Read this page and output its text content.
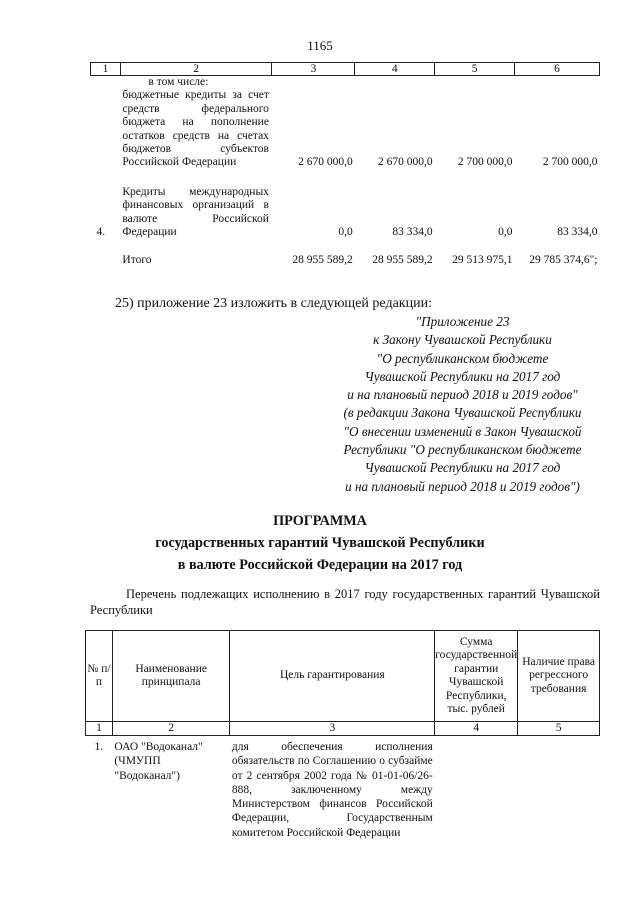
1165
1	2	3	4	5	6
	в том числе:				
	бюджетные кредиты за счет средств федерального бюджета на пополнение остатков средств на счетах бюджетов субъектов Российской Федерации	2 670 000,0	2 670 000,0	2 700 000,0	2 700 000,0

4.	Кредиты международных финансовых организаций в валюте Российской Федерации	0,0	83 334,0	0,0	83 334,0

	Итого	28 955 589,2	28 955 589,2	29 513 975,1	29 785 374,6";
25) приложение 23 изложить в следующей редакции:
"Приложение 23
к Закону Чувашской Республики
"О республиканском бюджете
Чувашской Республики на 2017 год
и на плановый период 2018 и 2019 годов"
(в редакции Закона Чувашской Республики
"О внесении изменений в Закон Чувашской
Республики "О республиканском бюджете
Чувашской Республики на 2017 год
и на плановый период 2018 и 2019 годов")
ПРОГРАММА
государственных гарантий Чувашской Республики
в валюте Российской Федерации на 2017 год
Перечень подлежащих исполнению в 2017 году государственных гарантий Чувашской Республики
№ п/п	Наименование принципала	Цель гарантирования	Сумма государственной гарантии Чувашской Республики, тыс. рублей	Наличие права регрессного требования
1	2	3	4	5
1.	ОАО "Водоканал" (ЧМУПП "Водоканал")	для обеспечения исполнения обязательств по Соглашению о субзайме от 2 сентября 2002 года № 01-01-06/26-888, заключенному между Министерством финансов Российской Федерации, Государственным комитетом Российской Федерации		
